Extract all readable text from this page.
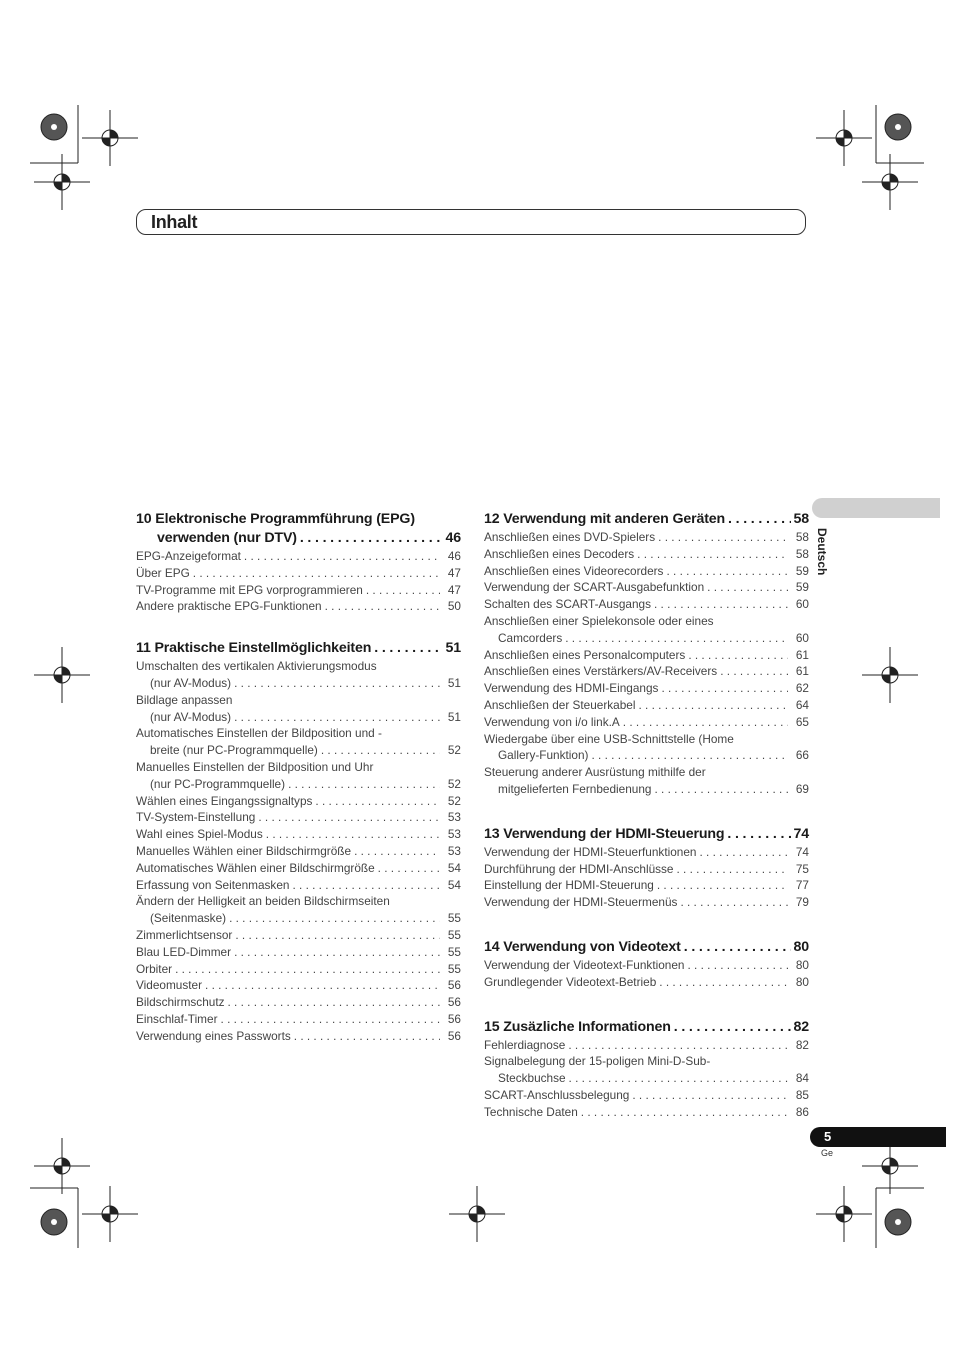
Inhalt
Deutsch
10 Elektronische Programmführung (EPG)
verwenden (nur DTV) . . .	46
EPG-Anzeigeformat . . .	46
Über EPG . . .	47
TV-Programme mit EPG vorprogrammieren . . .	47
Andere praktische EPG-Funktionen . . .	50
11 Praktische Einstellmöglichkeiten . . .	51
Umschalten des vertikalen Aktivierungsmodus
(nur AV-Modus) . . .	51
Bildlage anpassen
(nur AV-Modus) . . .	51
Automatisches Einstellen der Bildposition und -
breite (nur PC-Programmquelle) . . .	52
Manuelles Einstellen der Bildposition und Uhr
(nur PC-Programmquelle) . . .	52
Wählen eines Eingangssignaltyps . . .	52
TV-System-Einstellung . . .	53
Wahl eines Spiel-Modus . . .	53
Manuelles Wählen einer Bildschirmgröße . . .	53
Automatisches Wählen einer Bildschirmgröße . . .	54
Erfassung von Seitenmasken . . .	54
Ändern der Helligkeit an beiden Bildschirmseiten
(Seitenmaske) . . .	55
Zimmerlichtsensor . . .	55
Blau LED-Dimmer . . .	55
Orbiter . . .	55
Videomuster . . .	56
Bildschirmschutz . . .	56
Einschlaf-Timer . . .	56
Verwendung eines Passworts . . .	56
12 Verwendung mit anderen Geräten . . .	58
Anschließen eines DVD-Spielers . . .	58
Anschließen eines Decoders . . .	58
Anschließen eines Videorecorders . . .	59
Verwendung der SCART-Ausgabefunktion . . .	59
Schalten des SCART-Ausgangs . . .	60
Anschließen einer Spielekonsole oder eines
Camcorders . . .	60
Anschließen eines Personalcomputers . . .	61
Anschließen eines Verstärkers/AV-Receivers . . .	61
Verwendung des HDMI-Eingangs . . .	62
Anschließen der Steuerkabel . . .	64
Verwendung von i/o link.A . . .	65
Wiedergabe über eine USB-Schnittstelle (Home
Gallery-Funktion) . . .	66
Steuerung anderer Ausrüstung mithilfe der
mitgelieferten Fernbedienung . . .	69
13 Verwendung der HDMI-Steuerung . . .	74
Verwendung der HDMI-Steuerfunktionen . . .	74
Durchführung der HDMI-Anschlüsse . . .	75
Einstellung der HDMI-Steuerung . . .	77
Verwendung der HDMI-Steuermenüs . . .	79
14 Verwendung von Videotext . . .	80
Verwendung der Videotext-Funktionen . . .	80
Grundlegender Videotext-Betrieb . . .	80
15 Zusäzliche Informationen . . .	82
Fehlerdiagnose . . .	82
Signalbelegung der 15-poligen Mini-D-Sub-
Steckbuchse . . .	84
SCART-Anschlussbelegung . . .	85
Technische Daten . . .	86
5
Ge
